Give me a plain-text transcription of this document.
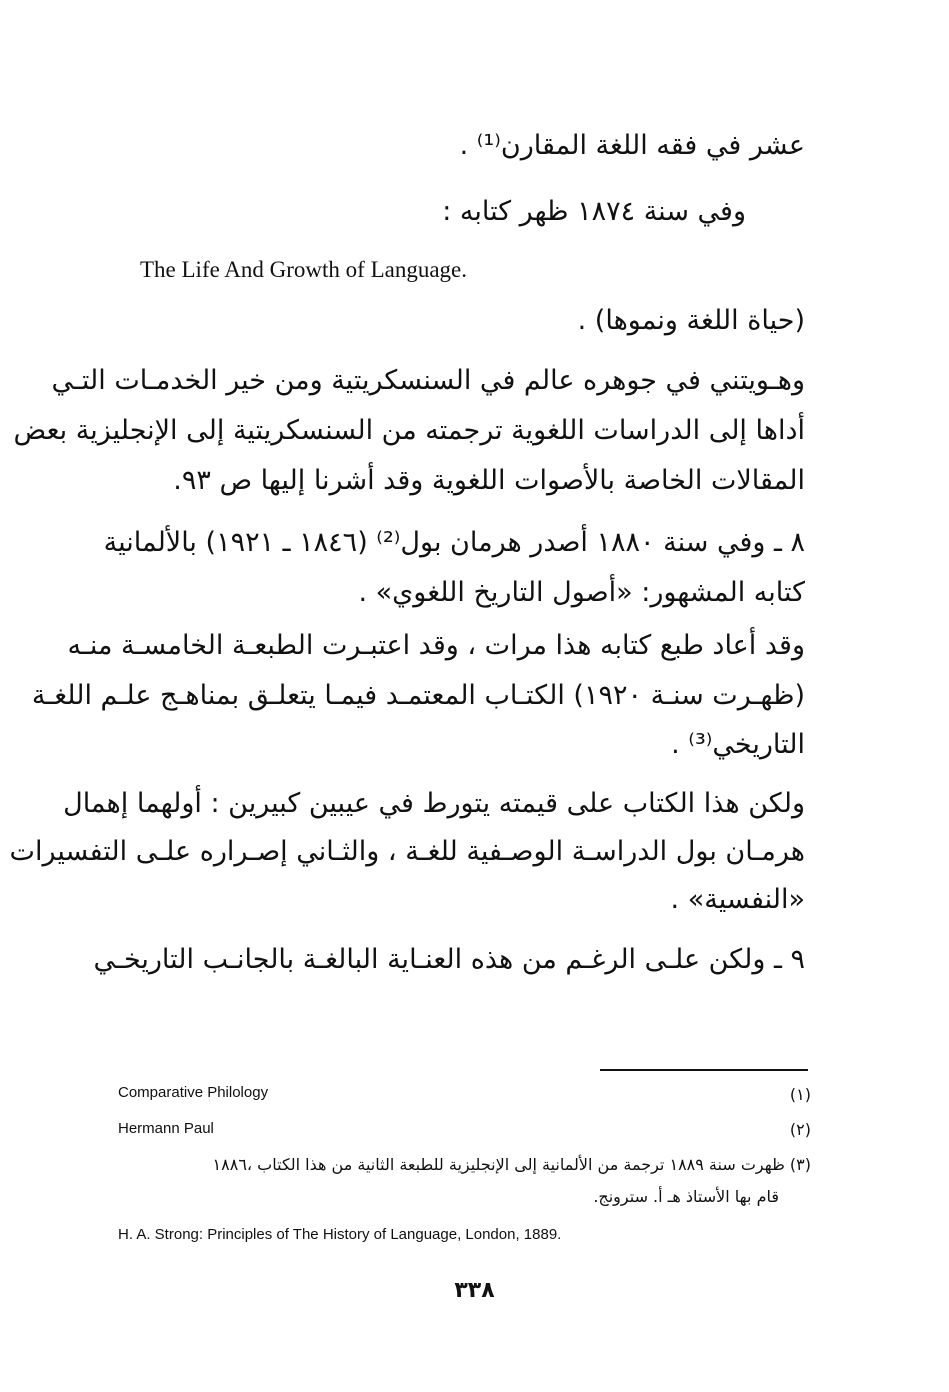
عشر في فقه اللغة المقارن⁽¹⁾ .
وفي سنة ١٨٧٤ ظهر كتابه :
The Life And Growth of Language.
(حياة اللغة ونموها) .
وهـويتني في جوهره عالم في السنسكريتية ومن خير الخدمـات التـي
أداها إلى الدراسات اللغوية ترجمته من السنسكريتية إلى الإنجليزية بعض
المقالات الخاصة بالأصوات اللغوية وقد أشرنا إليها ص ٩٣.
٨ ـ وفي سنة ١٨٨٠ أصدر هرمان بول⁽²⁾ (١٨٤٦ ـ ١٩٢١) بالألمانية
كتابه المشهور: «أصول التاريخ اللغوي» .
وقد أعاد طبع كتابه هذا مرات ، وقد اعتبـرت الطبعـة الخامسـة منـه
(ظهـرت سنـة ١٩٢٠) الكتـاب المعتمـد فيمـا يتعلـق بمناهـج علـم اللغـة
التاريخي⁽³⁾ .
ولكن هذا الكتاب على قيمته يتورط في عيبين كبيرين : أولهما إهمال
هرمـان بول الدراسـة الوصـفية للغـة ، والثـاني إصـراره علـى التفسيرات
«النفسية» .
٩ ـ ولكن علـى الرغـم من هذه العنـاية البالغـة بالجانـب التاريخـي
(١)
Comparative Philology
(٢)
Hermann Paul
(٣) ظهرت سنة ١٨٨٩ ترجمة من الألمانية إلى الإنجليزية للطبعة الثانية من هذا الكتاب ،١٨٨٦
قام بها الأستاذ هـ أ. سترونج.
H. A. Strong: Principles of The History of Language, London, 1889.
٣٣٨
